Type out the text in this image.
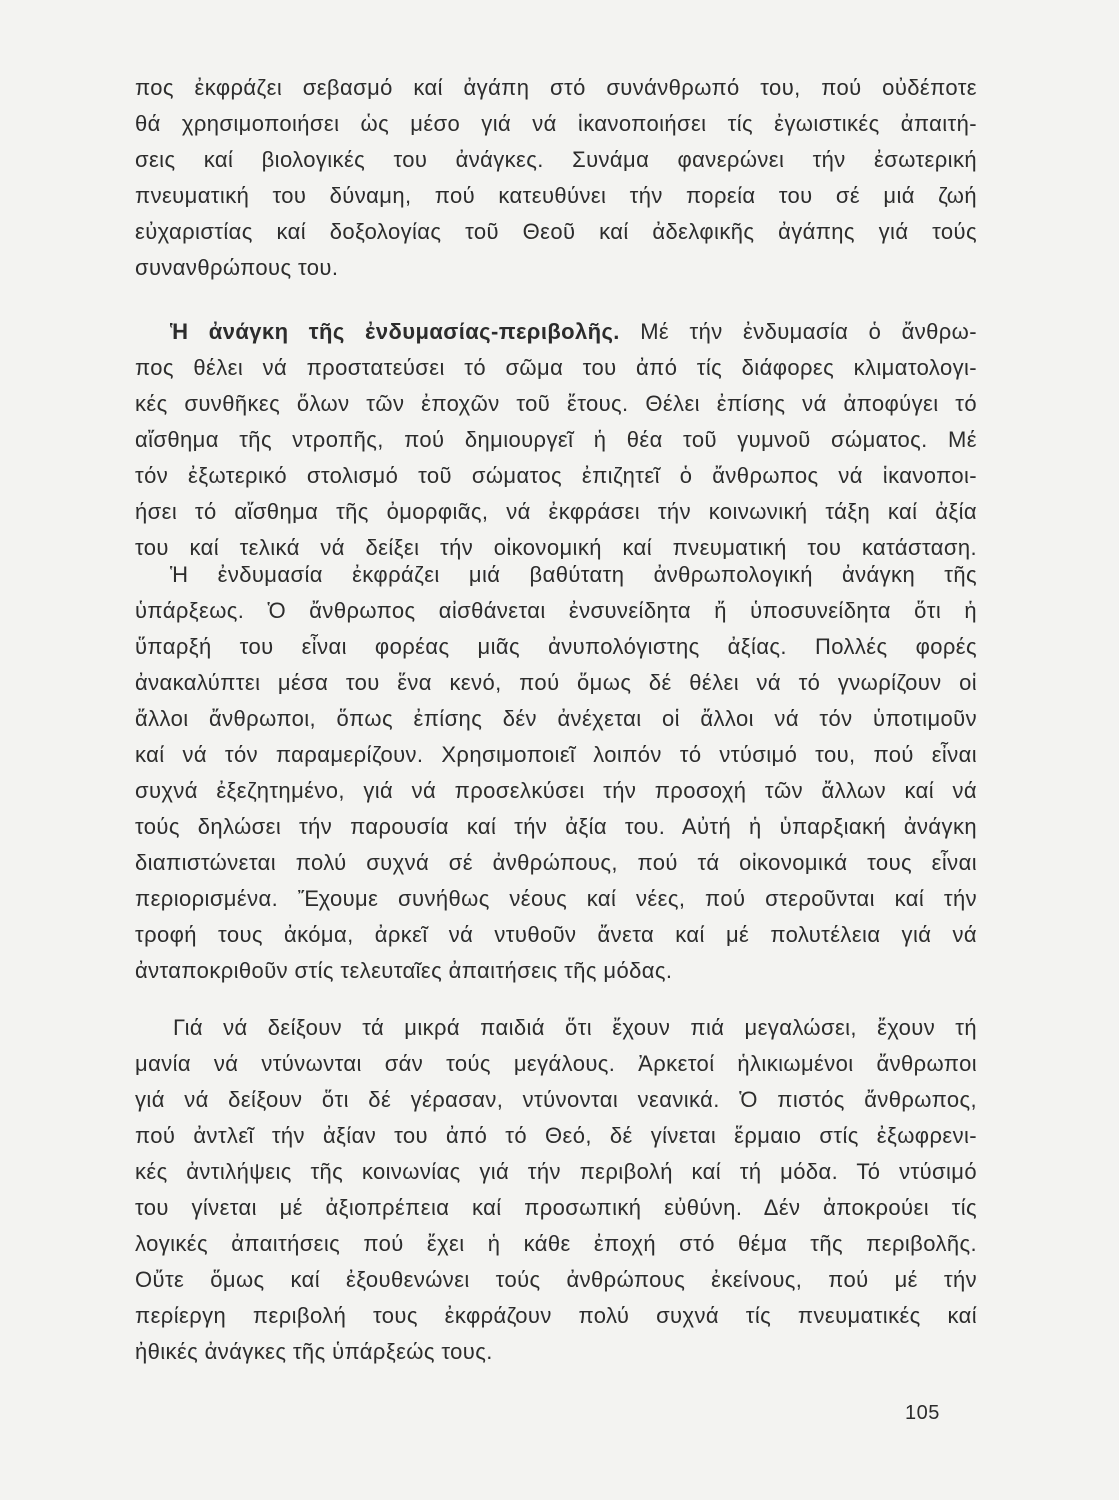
πος ἐκφράζει σεβασμό καί ἀγάπη στό συνάνθρωπό του, πού οὐδέποτε
θά χρησιμοποιήσει ὡς μέσο γιά νά ἱκανοποιήσει τίς ἐγωιστικές ἀπαιτή-
σεις καί βιολογικές του ἀνάγκες. Συνάμα φανερώνει τήν ἐσωτερική
πνευματική του δύναμη, πού κατευθύνει τήν πορεία του σέ μιά ζωή
εὐχαριστίας καί δοξολογίας τοῦ Θεοῦ καί ἀδελφικῆς ἀγάπης γιά τούς
συνανθρώπους του.
Ἡ ἀνάγκη τῆς ἐνδυμασίας-περιβολῆς. Μέ τήν ἐνδυμασία ὁ ἄνθρω-
πος θέλει νά προστατεύσει τό σῶμα του ἀπό τίς διάφορες κλιματολογι-
κές συνθῆκες ὅλων τῶν ἐποχῶν τοῦ ἔτους. Θέλει ἐπίσης νά ἀποφύγει τό
αἴσθημα τῆς ντροπῆς, πού δημιουργεῖ ἡ θέα τοῦ γυμνοῦ σώματος. Μέ
τόν ἐξωτερικό στολισμό τοῦ σώματος ἐπιζητεῖ ὁ ἄνθρωπος νά ἱκανοποι-
ήσει τό αἴσθημα τῆς ὀμορφιᾶς, νά ἐκφράσει τήν κοινωνική τάξη καί ἀξία
του καί τελικά νά δείξει τήν οἰκονομική καί πνευματική του κατάσταση.
Ἡ ἐνδυμασία ἐκφράζει μιά βαθύτατη ἀνθρωπολογική ἀνάγκη τῆς
ὑπάρξεως. Ὁ ἄνθρωπος αἰσθάνεται ἐνσυνείδητα ἤ ὑποσυνείδητα ὅτι ἡ
ὕπαρξή του εἶναι φορέας μιᾶς ἀνυπολόγιστης ἀξίας. Πολλές φορές
ἀνακαλύπτει μέσα του ἕνα κενό, πού ὅμως δέ θέλει νά τό γνωρίζουν οἱ
ἄλλοι ἄνθρωποι, ὅπως ἐπίσης δέν ἀνέχεται οἱ ἄλλοι νά τόν ὑποτιμοῦν
καί νά τόν παραμερίζουν. Χρησιμοποιεῖ λοιπόν τό ντύσιμό του, πού εἶναι
συχνά ἐξεζητημένο, γιά νά προσελκύσει τήν προσοχή τῶν ἄλλων καί νά
τούς δηλώσει τήν παρουσία καί τήν ἀξία του. Αὐτή ἡ ὑπαρξιακή ἀνάγκη
διαπιστώνεται πολύ συχνά σέ ἀνθρώπους, πού τά οἰκονομικά τους εἶναι
περιορισμένα. Ἔχουμε συνήθως νέους καί νέες, πού στεροῦνται καί τήν
τροφή τους ἀκόμα, ἀρκεῖ νά ντυθοῦν ἄνετα καί μέ πολυτέλεια γιά νά
ἀνταποκριθοῦν στίς τελευταῖες ἀπαιτήσεις τῆς μόδας.
Γιά νά δείξουν τά μικρά παιδιά ὅτι ἔχουν πιά μεγαλώσει, ἔχουν τή
μανία νά ντύνωνται σάν τούς μεγάλους. Ἀρκετοί ἡλικιωμένοι ἄνθρωποι
γιά νά δείξουν ὅτι δέ γέρασαν, ντύνονται νεανικά. Ὁ πιστός ἄνθρωπος,
πού ἀντλεῖ τήν ἀξίαν του ἀπό τό Θεό, δέ γίνεται ἕρμαιο στίς ἐξωφρενι-
κές ἀντιλήψεις τῆς κοινωνίας γιά τήν περιβολή καί τή μόδα. Τό ντύσιμό
του γίνεται μέ ἀξιοπρέπεια καί προσωπική εὐθύνη. Δέν ἀποκρούει τίς
λογικές ἀπαιτήσεις πού ἔχει ἡ κάθε ἐποχή στό θέμα τῆς περιβολῆς.
Οὔτε ὅμως καί ἐξουθενώνει τούς ἀνθρώπους ἐκείνους, πού μέ τήν
περίεργη περιβολή τους ἐκφράζουν πολύ συχνά τίς πνευματικές καί
ἠθικές ἀνάγκες τῆς ὑπάρξεώς τους.
105
